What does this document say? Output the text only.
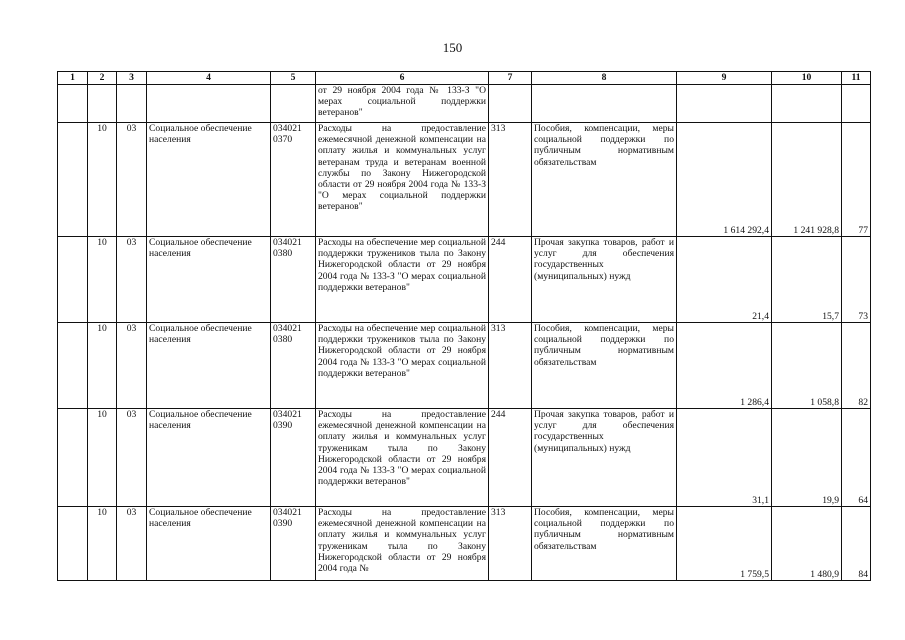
150
1	2	3	4	5	6	7	8	9	10	11
					от 29 ноября 2004 года № 133-З "О мерах социальной поддержки ветеранов"					
	10	03	Социальное обеспечение населения	034021 0370	Расходы на предоставление ежемесячной денежной компенсации на оплату жилья и коммунальных услуг ветеранам труда и ветеранам военной службы по Закону Нижегородской области от 29 ноября 2004 года № 133-З "О мерах социальной поддержки ветеранов"	313	Пособия, компенсации, меры социальной поддержки по публичным нормативным обязательствам	1 614 292,4	1 241 928,8	77
	10	03	Социальное обеспечение населения	034021 0380	Расходы на обеспечение мер социальной поддержки тружеников тыла по Закону Нижегородской области от 29 ноября 2004 года № 133-З "О мерах социальной поддержки ветеранов"	244	Прочая закупка товаров, работ и услуг для обеспечения государственных (муниципальных) нужд	21,4	15,7	73
	10	03	Социальное обеспечение населения	034021 0380	Расходы на обеспечение мер социальной поддержки тружеников тыла по Закону Нижегородской области от 29 ноября 2004 года № 133-З "О мерах социальной поддержки ветеранов"	313	Пособия, компенсации, меры социальной поддержки по публичным нормативным обязательствам	1 286,4	1 058,8	82
	10	03	Социальное обеспечение населения	034021 0390	Расходы на предоставление ежемесячной денежной компенсации на оплату жилья и коммунальных услуг труженикам тыла по Закону Нижегородской области от 29 ноября 2004 года № 133-З "О мерах социальной поддержки ветеранов"	244	Прочая закупка товаров, работ и услуг для обеспечения государственных (муниципальных) нужд	31,1	19,9	64
	10	03	Социальное обеспечение населения	034021 0390	Расходы на предоставление ежемесячной денежной компенсации на оплату жилья и коммунальных услуг труженикам тыла по Закону Нижегородской области от 29 ноября 2004 года №	313	Пособия, компенсации, меры социальной поддержки по публичным нормативным обязательствам	1 759,5	1 480,9	84
